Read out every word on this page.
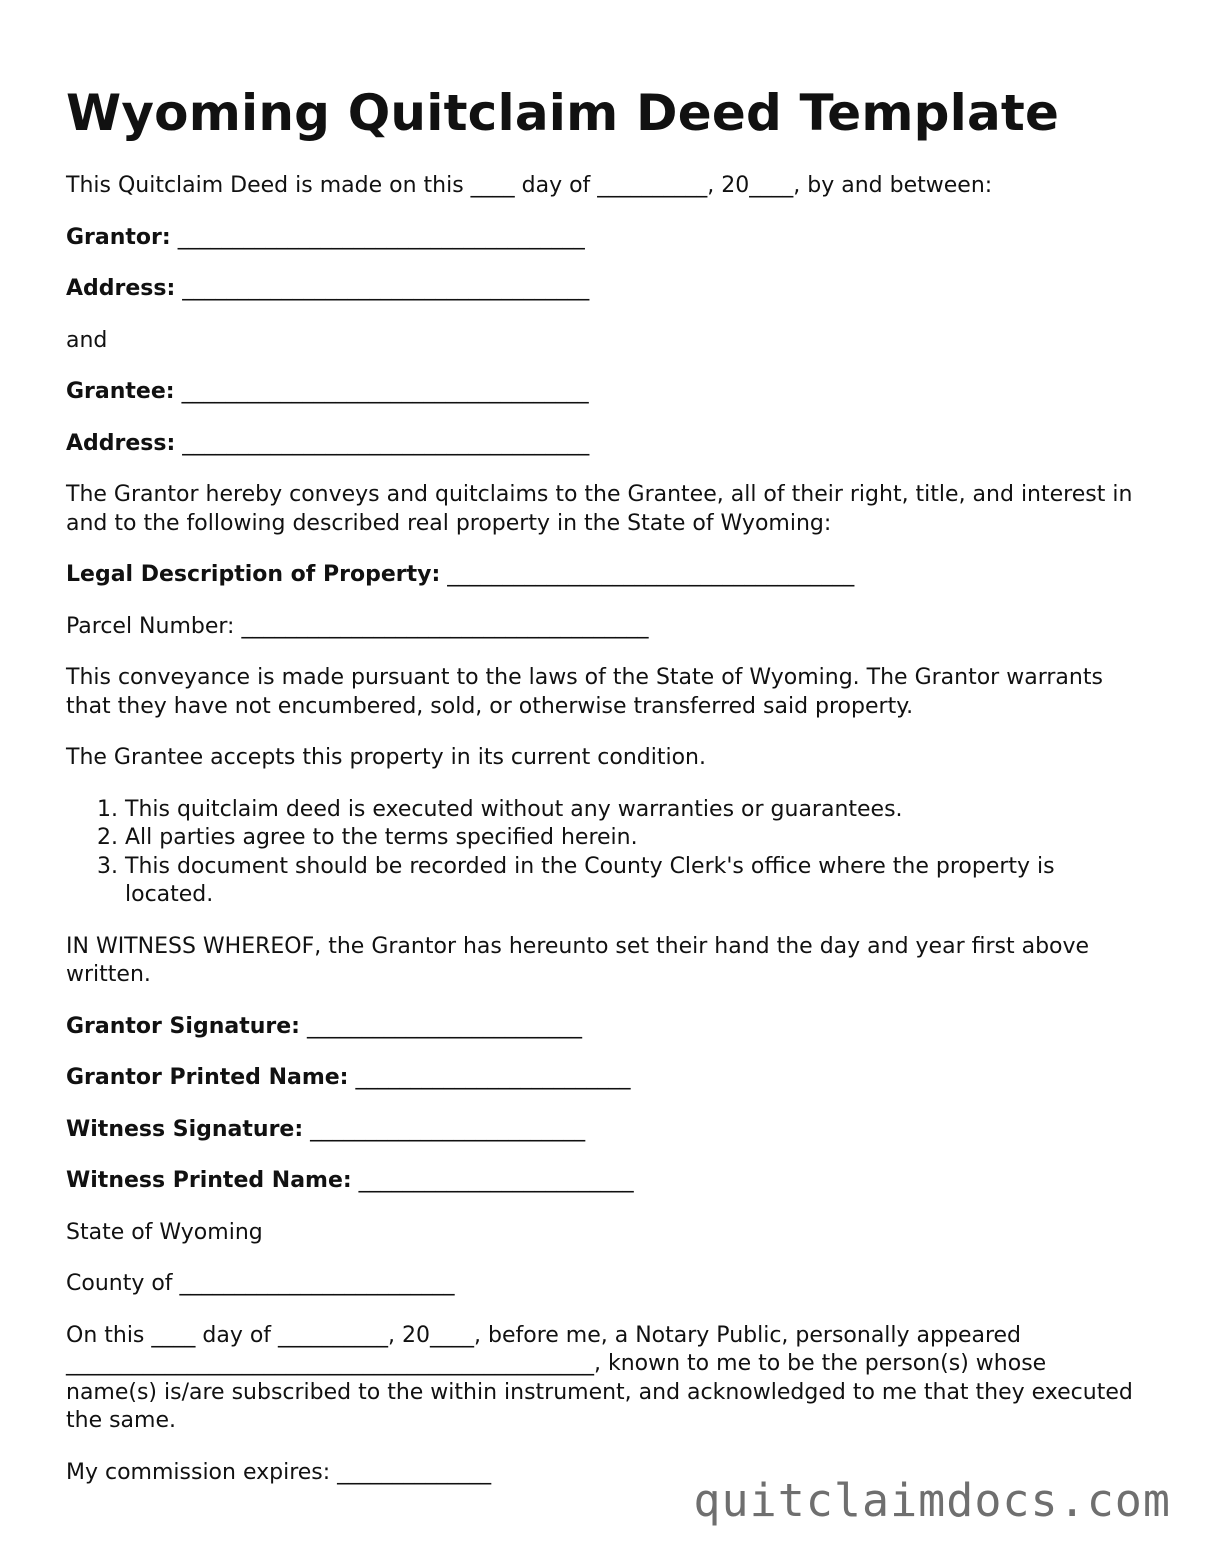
Wyoming Quitclaim Deed Template

This Quitclaim Deed is made on this ____ day of __________, 20____, by and between:

Grantor: _____________________________________

Address: _____________________________________

and

Grantee: _____________________________________

Address: _____________________________________

The Grantor hereby conveys and quitclaims to the Grantee, all of their right, title, and interest in and to the following described real property in the State of Wyoming:

Legal Description of Property: _____________________________________

Parcel Number: _____________________________________

This conveyance is made pursuant to the laws of the State of Wyoming. The Grantor warrants that they have not encumbered, sold, or otherwise transferred said property.

The Grantee accepts this property in its current condition.

1. This quitclaim deed is executed without any warranties or guarantees.
2. All parties agree to the terms specified herein.
3. This document should be recorded in the County Clerk's office where the property is located.

IN WITNESS WHEREOF, the Grantor has hereunto set their hand the day and year first above written.

Grantor Signature: _________________________

Grantor Printed Name: _________________________

Witness Signature: _________________________

Witness Printed Name: _________________________

State of Wyoming

County of _________________________

On this ____ day of __________, 20____, before me, a Notary Public, personally appeared ________________________________________________, known to me to be the person(s) whose name(s) is/are subscribed to the within instrument, and acknowledged to me that they executed the same.

My commission expires: ______________

quitclaimdocs.com
